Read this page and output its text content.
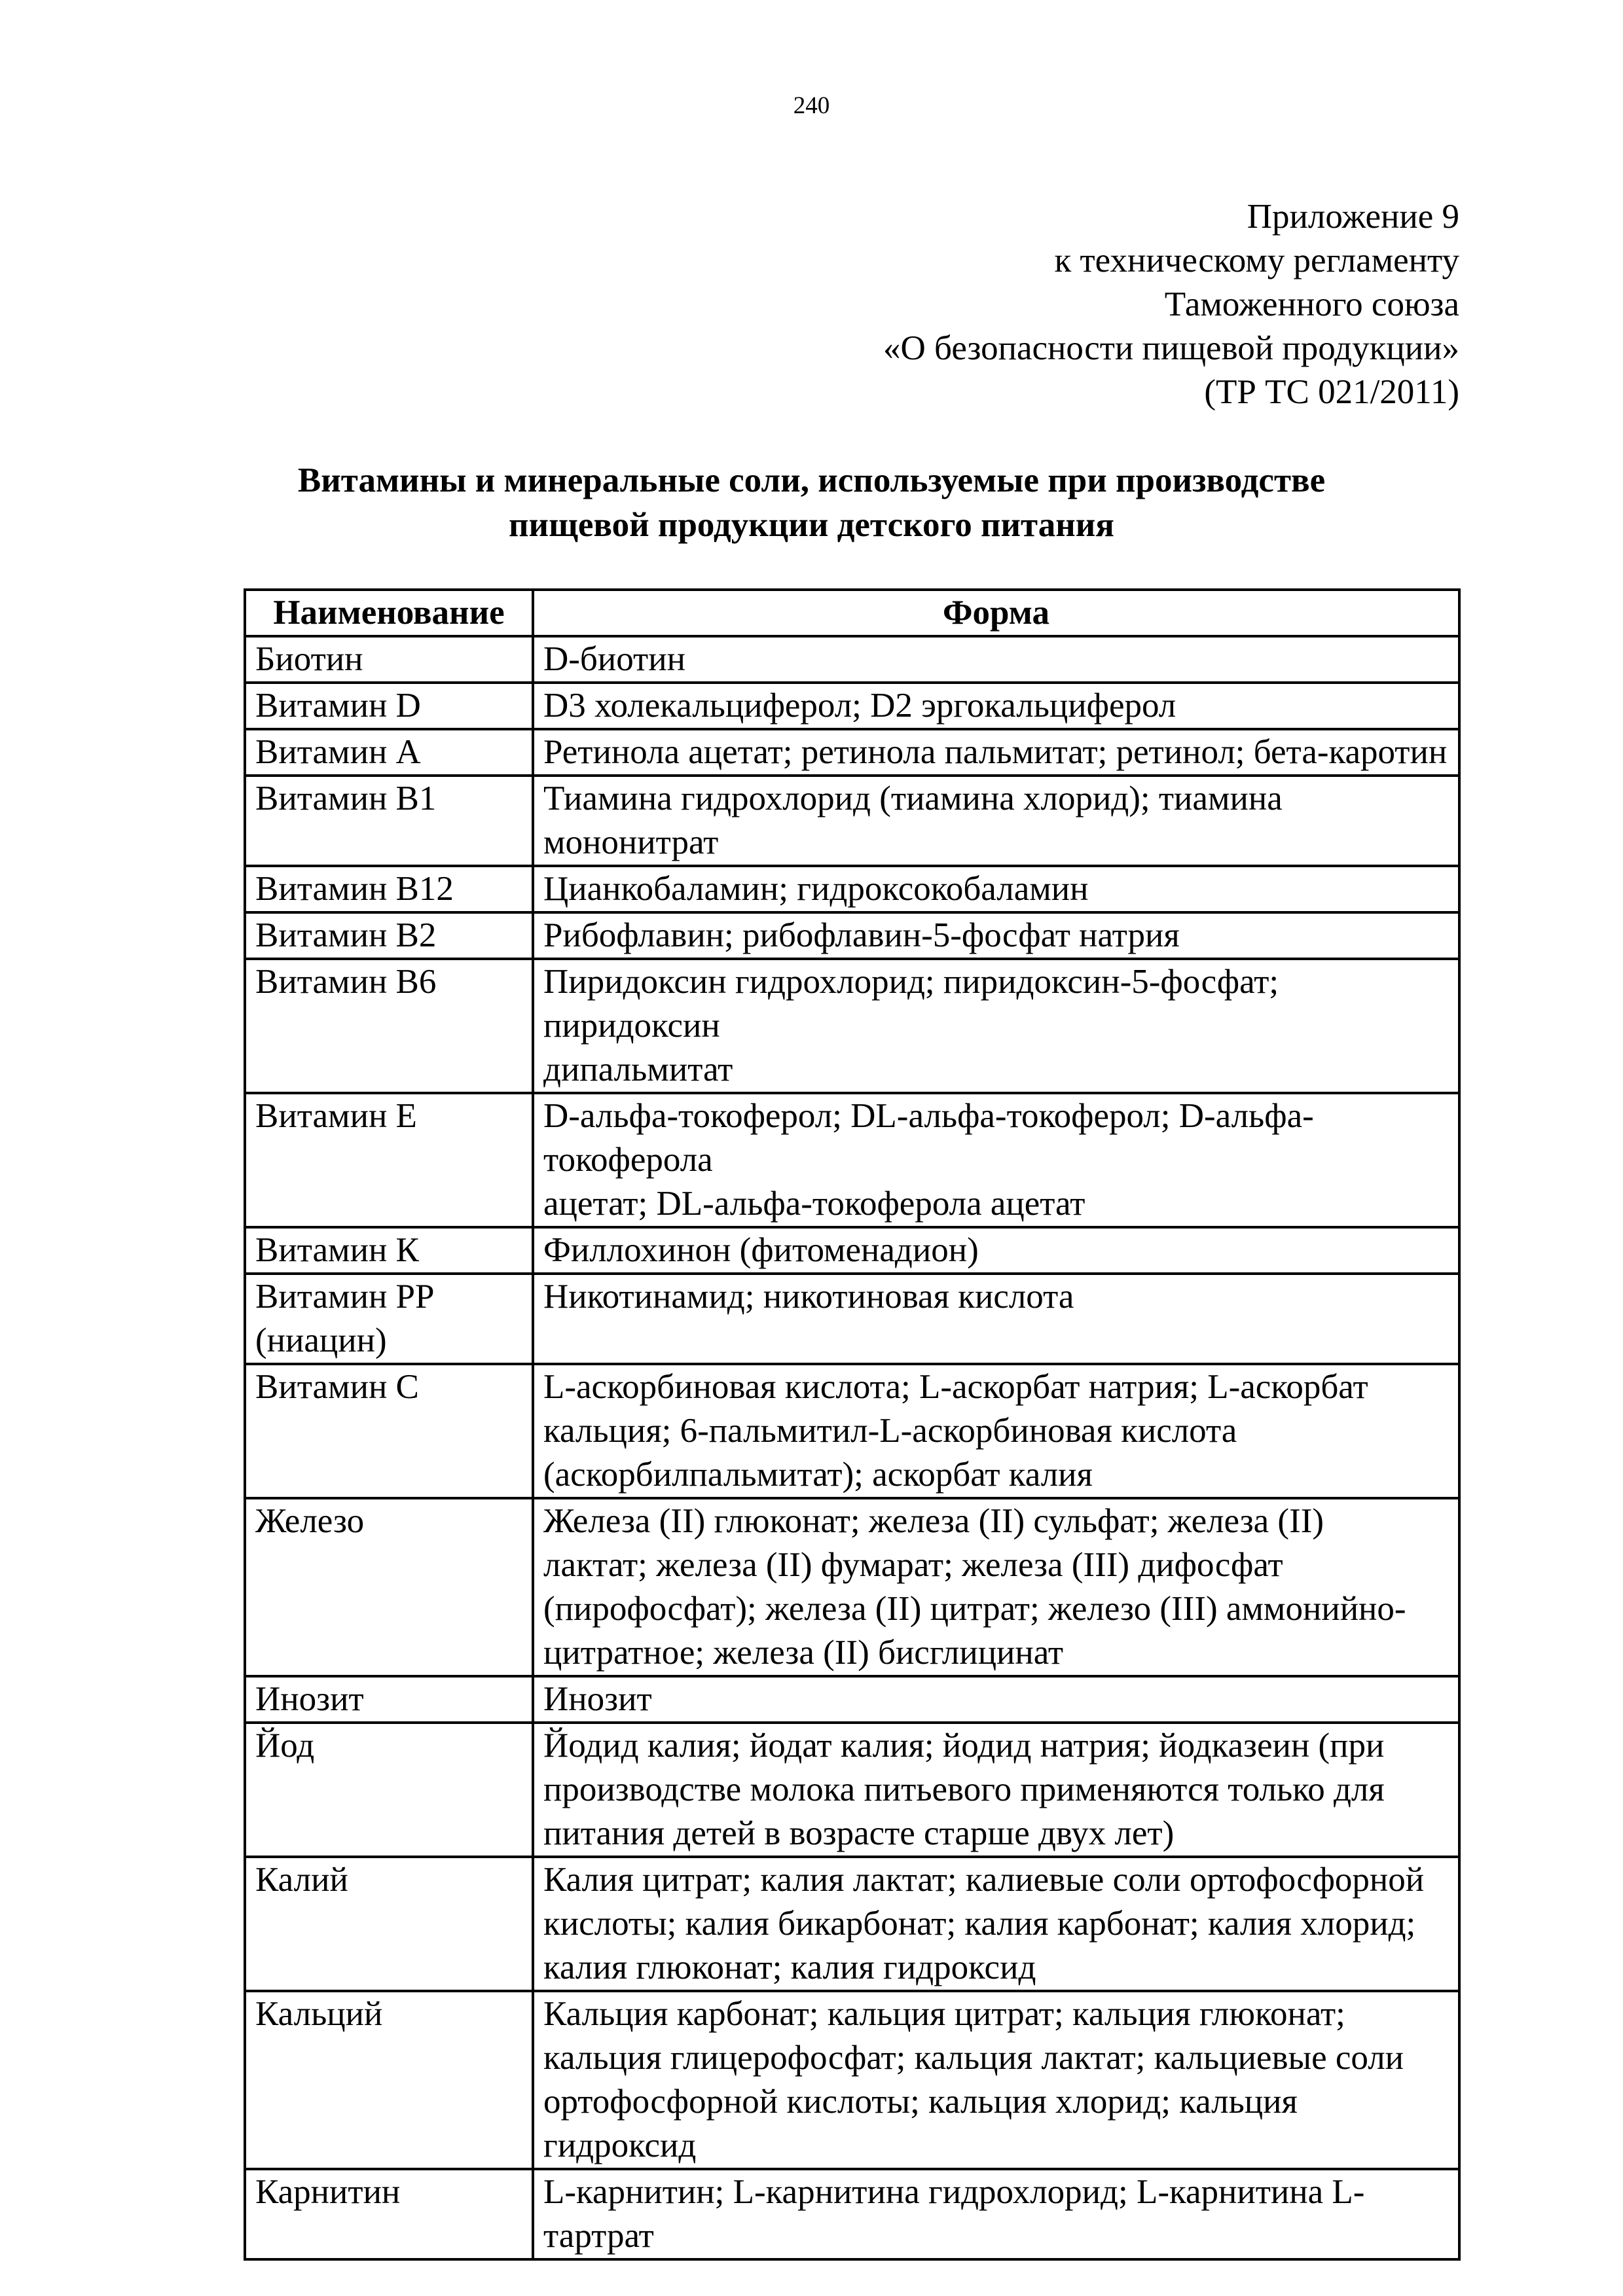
240
Приложение 9
к техническому регламенту
Таможенного союза
«О безопасности пищевой продукции»
(ТР ТС 021/2011)
Витамины и минеральные соли, используемые при производстве
пищевой продукции детского питания
Наименование	Форма

Биотин	D-биотин

Витамин D	D3 холекальциферол; D2 эргокальциферол

Витамин A	Ретинола ацетат; ретинола пальмитат; ретинол; бета-каротин

Витамин B1	Тиамина гидрохлорид (тиамина хлорид); тиамина мононитрат

Витамин B12	Цианкобаламин; гидроксокобаламин

Витамин B2	Рибофлавин; рибофлавин-5-фосфат натрия

Витамин B6	Пиридоксин гидрохлорид; пиридоксин-5-фосфат; пиридоксин
дипальмитат

Витамин E	D-альфа-токоферол; DL-альфа-токоферол; D-альфа-токоферола
ацетат; DL-альфа-токоферола ацетат

Витамин К	Филлохинон (фитоменадион)

Витамин PP
(ниацин)	Никотинамид; никотиновая кислота

Витамин C	L-аскорбиновая кислота; L-аскорбат натрия; L-аскорбат
кальция; 6-пальмитил-L-аскорбиновая кислота
(аскорбилпальмитат); аскорбат калия

Железо	Железа (II) глюконат; железа (II) сульфат; железа (II)
лактат; железа (II) фумарат; железа (III) дифосфат
(пирофосфат); железа (II) цитрат; железо (III) аммонийно-
цитратное; железа (II) бисглицинат

Инозит	Инозит

Йод	Йодид калия; йодат калия; йодид натрия; йодказеин (при
производстве молока питьевого применяются только для
питания детей в возрасте старше двух лет)

Калий	Калия цитрат; калия лактат; калиевые соли ортофосфорной
кислоты; калия бикарбонат; калия карбонат; калия хлорид;
калия глюконат; калия гидроксид

Кальций	Кальция карбонат; кальция цитрат; кальция глюконат;
кальция глицерофосфат; кальция лактат; кальциевые соли
ортофосфорной кислоты; кальция хлорид; кальция гидроксид

Карнитин	L-карнитин; L-карнитина гидрохлорид; L-карнитина L-тартрат
